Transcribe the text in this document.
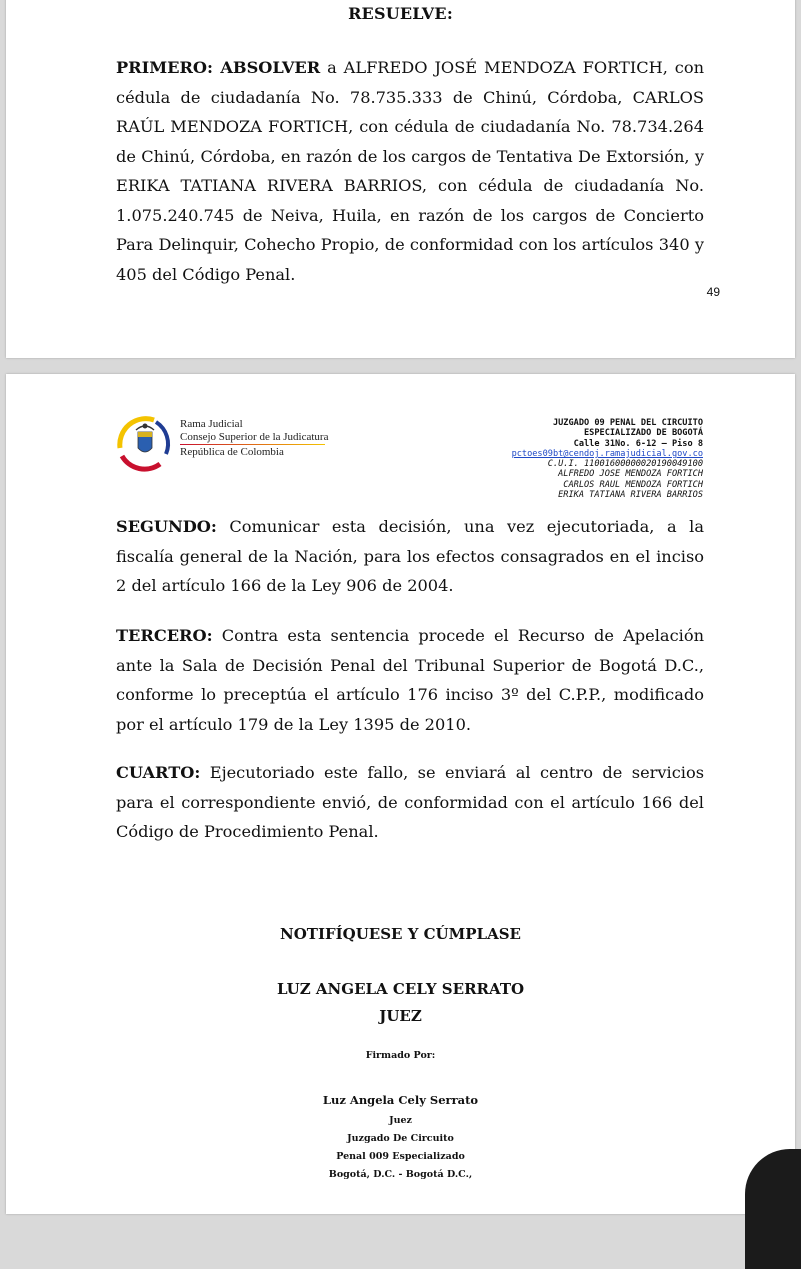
RESUELVE:
PRIMERO: ABSOLVER a ALFREDO JOSÉ MENDOZA FORTICH, con cédula de ciudadanía No. 78.735.333 de Chinú, Córdoba, CARLOS RAÚL MENDOZA FORTICH, con cédula de ciudadanía No. 78.734.264 de Chinú, Córdoba, en razón de los cargos de Tentativa De Extorsión, y ERIKA TATIANA RIVERA BARRIOS, con cédula de ciudadanía No. 1.075.240.745 de Neiva, Huila, en razón de los cargos de Concierto Para Delinquir, Cohecho Propio, de conformidad con los artículos 340 y 405 del Código Penal.
49
Rama Judicial
Consejo Superior de la Judicatura
República de Colombia
JUZGADO 09 PENAL DEL CIRCUITO
ESPECIALIZADO DE BOGOTÁ
Calle 31No. 6-12 – Piso 8
pctoes09bt@cendoj.ramajudicial.gov.co
C.U.I. 11001600000020190049100
ALFREDO JOSE MENDOZA FORTICH
CARLOS RAUL MENDOZA FORTICH
ERIKA TATIANA RIVERA BARRIOS
SEGUNDO: Comunicar esta decisión, una vez ejecutoriada, a la fiscalía general de la Nación, para los efectos consagrados en el inciso 2 del artículo 166 de la Ley 906 de 2004.
TERCERO: Contra esta sentencia procede el Recurso de Apelación ante la Sala de Decisión Penal del Tribunal Superior de Bogotá D.C., conforme lo preceptúa el artículo 176 inciso 3º del C.P.P., modificado por el artículo 179 de la Ley 1395 de 2010.
CUARTO: Ejecutoriado este fallo, se enviará al centro de servicios para el correspondiente envió, de conformidad con el artículo 166 del Código de Procedimiento Penal.
NOTIFÍQUESE Y CÚMPLASE
LUZ ANGELA CELY SERRATO
JUEZ
Firmado Por:
Luz Angela Cely Serrato
Juez
Juzgado De Circuito
Penal 009 Especializado
Bogotá, D.C. - Bogotá D.C.,
